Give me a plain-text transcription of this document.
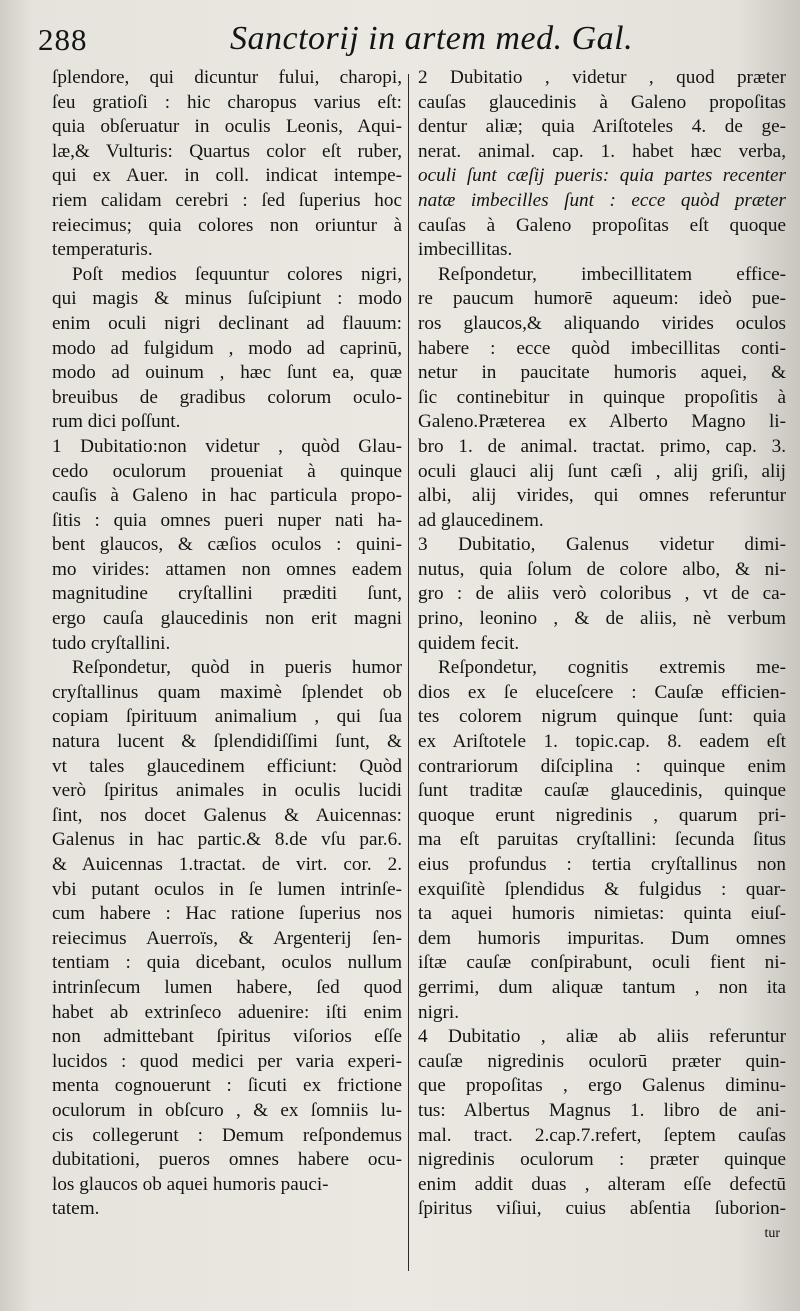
288	Sanctorij in artem med. Gal.
ſplendore, qui dicuntur fului, charopi,
ſeu gratioſi : hic charopus varius eſt:
quia obſeruatur in oculis Leonis, Aqui-
læ,& Vulturis: Quartus color eſt ruber,
qui ex Auer. in coll. indicat intempe-
riem calidam cerebri : ſed ſuperius hoc
reiecimus; quia colores non oriuntur à
temperaturis.
Poſt medios ſequuntur colores nigri,
qui magis & minus ſuſcipiunt : modo
enim oculi nigri declinant ad flauum:
modo ad fulgidum , modo ad caprinū,
modo ad ouinum , hæc ſunt ea, quæ
breuibus de gradibus colorum oculo-
rum dici poſſunt.
1 Dubitatio:non videtur , quòd Glau-
cedo oculorum proueniat à quinque
cauſis à Galeno in hac particula propo-
ſitis : quia omnes pueri nuper nati ha-
bent glaucos, & cæſios oculos : quini-
mo virides: attamen non omnes eadem
magnitudine cryſtallini præditi ſunt,
ergo cauſa glaucedinis non erit magni
tudo cryſtallini.
Reſpondetur, quòd in pueris humor
cryſtallinus quam maximè ſplendet ob
copiam ſpirituum animalium , qui ſua
natura lucent & ſplendidiſſimi ſunt, &
vt tales glaucedinem efficiunt: Quòd
verò ſpiritus animales in oculis lucidi
ſint, nos docet Galenus & Auicennas:
Galenus in hac partic.& 8.de vſu par.6.
& Auicennas 1.tractat. de virt. cor. 2.
vbi putant oculos in ſe lumen intrinſe-
cum habere : Hac ratione ſuperius nos
reiecimus Auerroïs, & Argenterij ſen-
tentiam : quia dicebant, oculos nullum
intrinſecum lumen habere, ſed quod
habet ab extrinſeco aduenire: iſti enim
non admittebant ſpiritus viſorios eſſe
lucidos : quod medici per varia experi-
menta cognouerunt : ſicuti ex frictione
oculorum in obſcuro , & ex ſomniis lu-
cis collegerunt : Demum reſpondemus
dubitationi, pueros omnes habere ocu-
los glaucos ob aquei humoris pauci-
tatem.
2 Dubitatio , videtur , quod præter
cauſas glaucedinis à Galeno propoſitas
dentur aliæ; quia Ariſtoteles 4. de ge-
nerat. animal. cap. 1. habet hæc verba,
oculi ſunt cæſij pueris: quia partes recenter
natæ imbecilles ſunt : ecce quòd præter
cauſas à Galeno propoſitas eſt quoque
imbecillitas.
Reſpondetur, imbecillitatem effice-
re paucum humorē aqueum: ideò pue-
ros glaucos,& aliquando virides oculos
habere : ecce quòd imbecillitas conti-
netur in paucitate humoris aquei, &
ſic continebitur in quinque propoſitis à
Galeno.Præterea ex Alberto Magno li-
bro 1. de animal. tractat. primo, cap. 3.
oculi glauci alij ſunt cæſi , alij griſi, alij
albi, alij virides, qui omnes referuntur
ad glaucedinem.
3 Dubitatio, Galenus videtur dimi-
nutus, quia ſolum de colore albo, & ni-
gro : de aliis verò coloribus , vt de ca-
prino, leonino , & de aliis, nè verbum
quidem fecit.
Reſpondetur, cognitis extremis me-
dios ex ſe eluceſcere : Cauſæ efficien-
tes colorem nigrum quinque ſunt: quia
ex Ariſtotele 1. topic.cap. 8. eadem eſt
contrariorum diſciplina : quinque enim
ſunt traditæ cauſæ glaucedinis, quinque
quoque erunt nigredinis , quarum pri-
ma eſt paruitas cryſtallini: ſecunda ſitus
eius profundus : tertia cryſtallinus non
exquiſitè ſplendidus & fulgidus : quar-
ta aquei humoris nimietas: quinta eiuſ-
dem humoris impuritas. Dum omnes
iſtæ cauſæ conſpirabunt, oculi fient ni-
gerrimi, dum aliquæ tantum , non ita
nigri.
4 Dubitatio , aliæ ab aliis referuntur
cauſæ nigredinis oculorū præter quin-
que propoſitas , ergo Galenus diminu-
tus: Albertus Magnus 1. libro de ani-
mal. tract. 2.cap.7.refert, ſeptem cauſas
nigredinis oculorum : præter quinque
enim addit duas , alteram eſſe defectū
ſpiritus viſiui, cuius abſentia ſuborion-
tur
